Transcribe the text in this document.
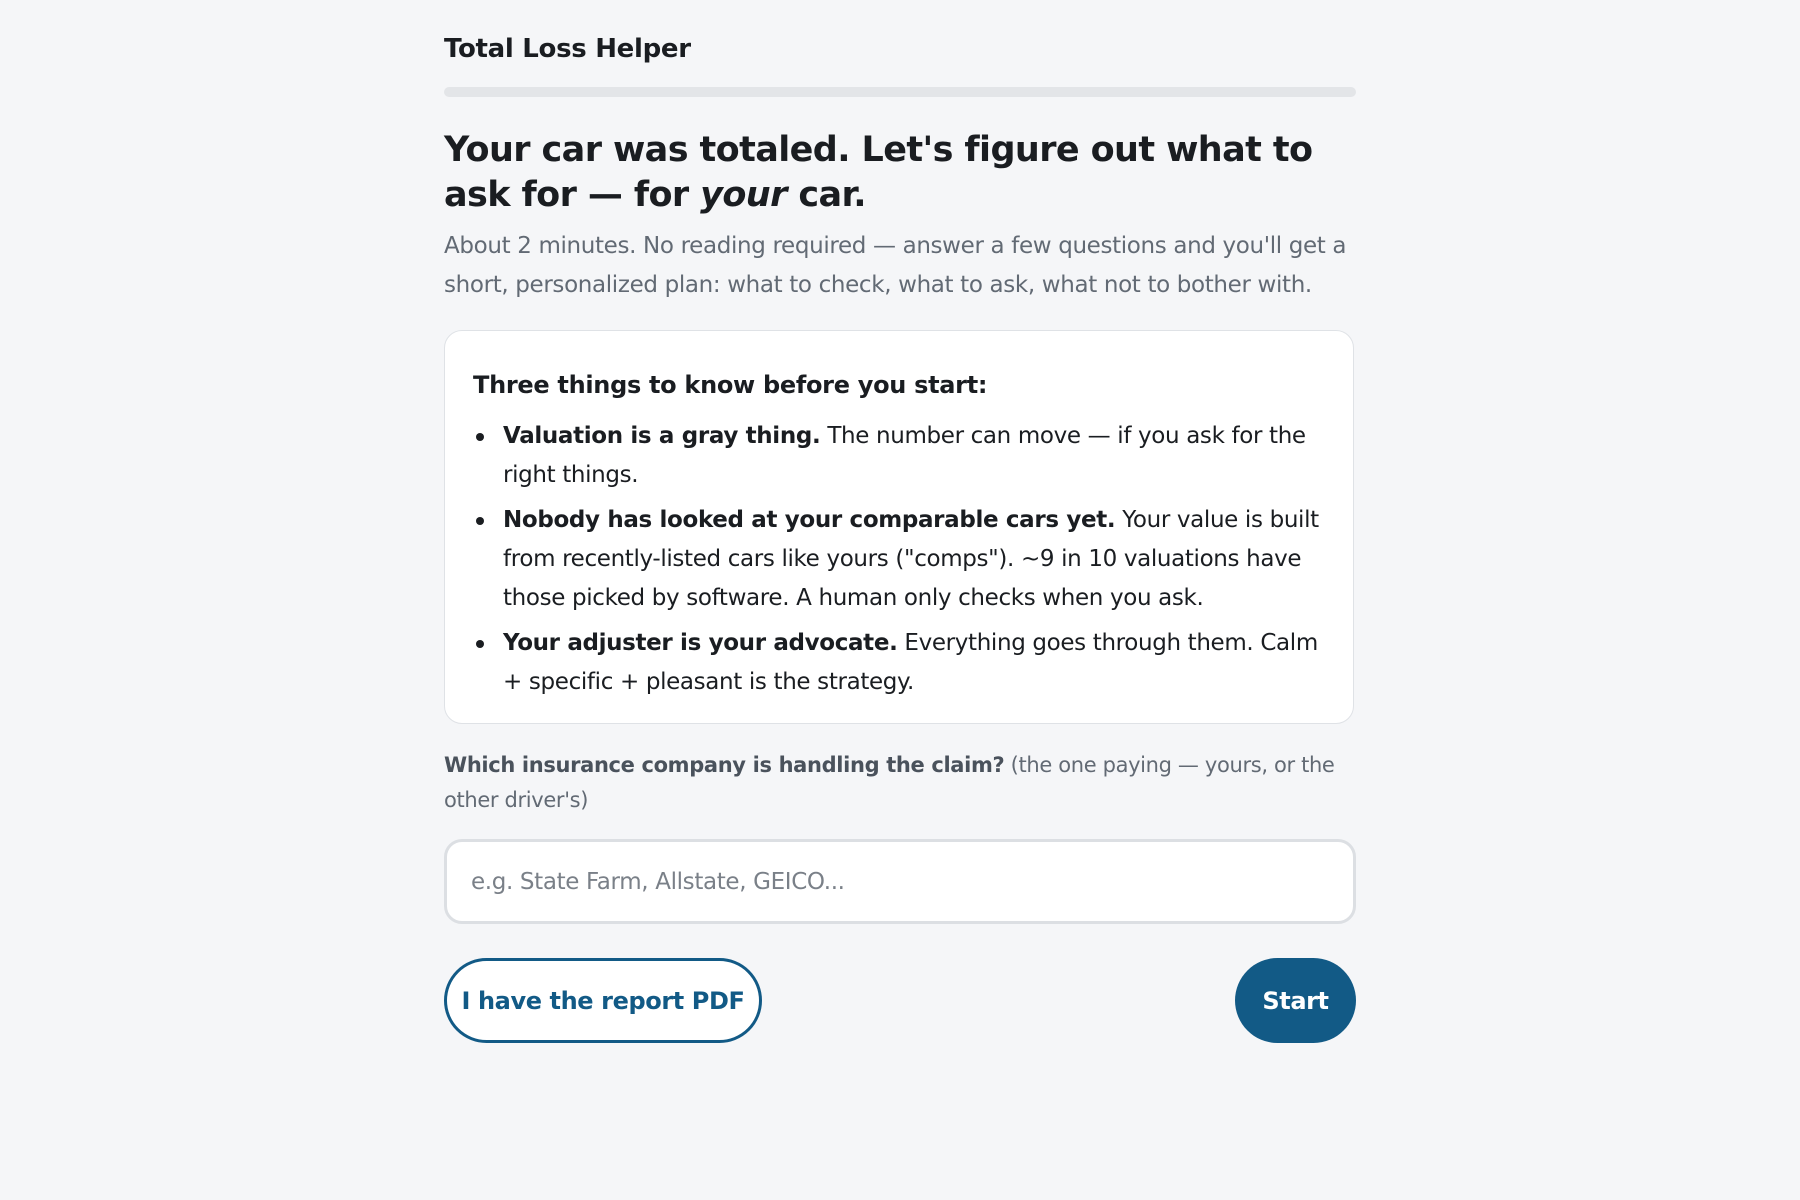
Total Loss Helper
Your car was totaled. Let's figure out what to ask for — for your car.

About 2 minutes. No reading required — answer a few questions and you'll get a short, personalized plan: what to check, what to ask, what not to bother with.

Three things to know before you start:
Valuation is a gray thing. The number can move — if you ask for the right things.
Nobody has looked at your comparable cars yet. Your value is built from recently-listed cars like yours ("comps"). ~9 in 10 valuations have those picked by software. A human only checks when you ask.
Your adjuster is your advocate. Everything goes through them. Calm + specific + pleasant is the strategy.
Which insurance company is handling the claim? (the one paying — yours, or the other driver's)
e.g. State Farm, Allstate, GEICO...
I have the report PDF	Start
